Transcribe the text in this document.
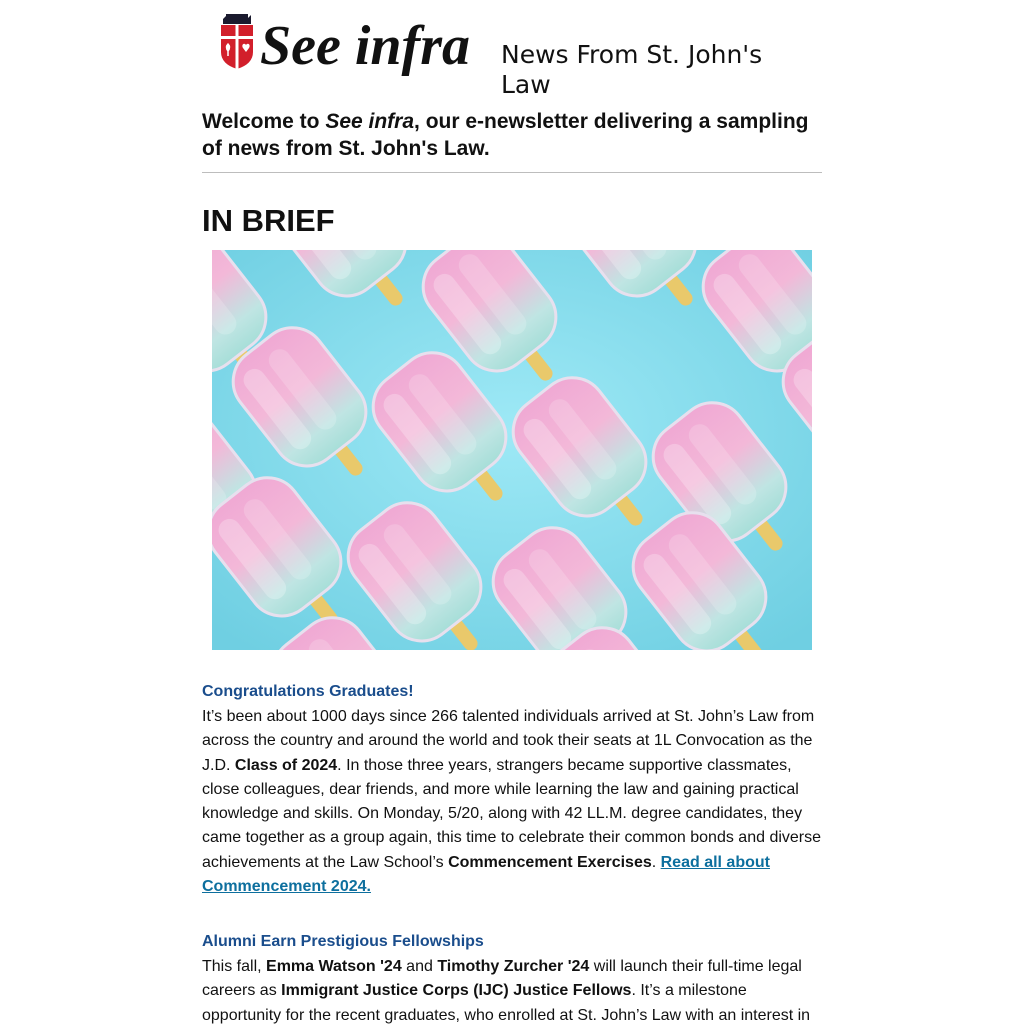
See infra News From St. John's Law
Welcome to See infra, our e-newsletter delivering a sampling of news from St. John's Law.
IN BRIEF
Congratulations Graduates!
It’s been about 1000 days since 266 talented individuals arrived at St. John’s Law from across the country and around the world and took their seats at 1L Convocation as the J.D. Class of 2024. In those three years, strangers became supportive classmates, close colleagues, dear friends, and more while learning the law and gaining practical knowledge and skills. On Monday, 5/20, along with 42 LL.M. degree candidates, they came together as a group again, this time to celebrate their common bonds and diverse achievements at the Law School’s Commencement Exercises. Read all about Commencement 2024.
Alumni Earn Prestigious Fellowships
This fall, Emma Watson '24 and Timothy Zurcher '24 will launch their full-time legal careers as Immigrant Justice Corps (IJC) Justice Fellows. It’s a milestone opportunity for the recent graduates, who enrolled at St. John’s Law with an interest in
